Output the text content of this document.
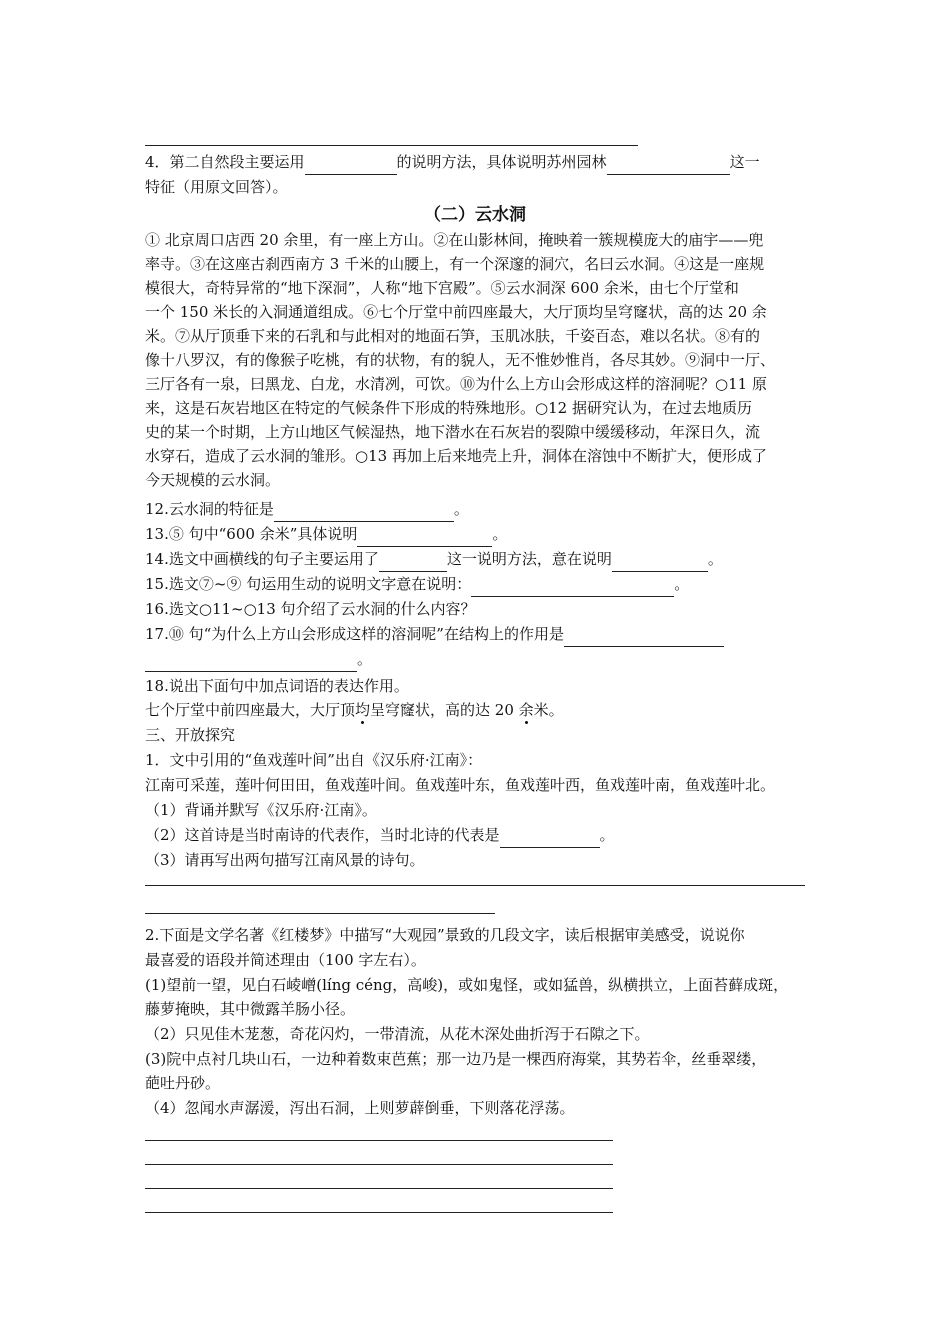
4．第二自然段主要运用	的说明方法，具体说明苏州园林	这一
特征（用原文回答）。
（二）云水洞
① 北京周口店西 20 余里，有一座上方山。②在山影林间，掩映着一簇规模庞大的庙宇——兜
率寺。③在这座古刹西南方 3 千米的山腰上，有一个深邃的洞穴，名曰云水洞。④这是一座规
模很大，奇特异常的“地下深洞”，人称“地下宫殿”。⑤云水洞深 600 余米，由七个厅堂和
一个 150 米长的入洞通道组成。⑥七个厅堂中前四座最大，大厅顶均呈穹窿状，高的达 20 余
米。⑦从厅顶垂下来的石乳和与此相对的地面石笋，玉肌冰肤，千姿百态，难以名状。⑧有的
像十八罗汉，有的像猴子吃桃，有的状物，有的貌人，无不惟妙惟肖，各尽其妙。⑨洞中一厅、
三厅各有一泉，曰黑龙、白龙，水清冽，可饮。⑩为什么上方山会形成这样的溶洞呢？○11 原
来，这是石灰岩地区在特定的气候条件下形成的特殊地形。○12 据研究认为，在过去地质历
史的某一个时期，上方山地区气候湿热，地下潜水在石灰岩的裂隙中缓缓移动，年深日久，流
水穿石，造成了云水洞的雏形。○13 再加上后来地壳上升，洞体在溶蚀中不断扩大，便形成了
今天规模的云水洞。
12.云水洞的特征是	。
13.⑤ 句中“600 余米”具体说明	。
14.选文中画横线的句子主要运用了	这一说明方法，意在说明	。
15.选文⑦~⑨ 句运用生动的说明文字意在说明：	。
16.选文○11~○13 句介绍了云水洞的什么内容？
17.⑩ 句“为什么上方山会形成这样的溶洞呢”在结构上的作用是
。
18.说出下面句中加点词语的表达作用。
七个厅堂中前四座最大，大厅顶均呈穹窿状，高的达 20 余米。
三、开放探究
1．文中引用的“鱼戏莲叶间”出自《汉乐府·江南》：
江南可采莲，莲叶何田田，鱼戏莲叶间。鱼戏莲叶东，鱼戏莲叶西，鱼戏莲叶南，鱼戏莲叶北。
（1）背诵并默写《汉乐府·江南》。
（2）这首诗是当时南诗的代表作，当时北诗的代表是	。
（3）请再写出两句描写江南风景的诗句。
2.下面是文学名著《红楼梦》中描写“大观园”景致的几段文字，读后根据审美感受，说说你
最喜爱的语段并简述理由（100 字左右）。
(1)望前一望，见白石崚嶒(líng céng，高峻)，或如鬼怪，或如猛兽，纵横拱立，上面苔藓成斑，
藤萝掩映，其中微露羊肠小径。
（2）只见佳木茏葱，奇花闪灼，一带清流，从花木深处曲折泻于石隙之下。
(3)院中点衬几块山石，一边种着数束芭蕉；那一边乃是一棵西府海棠，其势若伞，丝垂翠缕，
葩吐丹砂。
（4）忽闻水声潺湲，泻出石洞，上则萝薜倒垂，下则落花浮荡。
